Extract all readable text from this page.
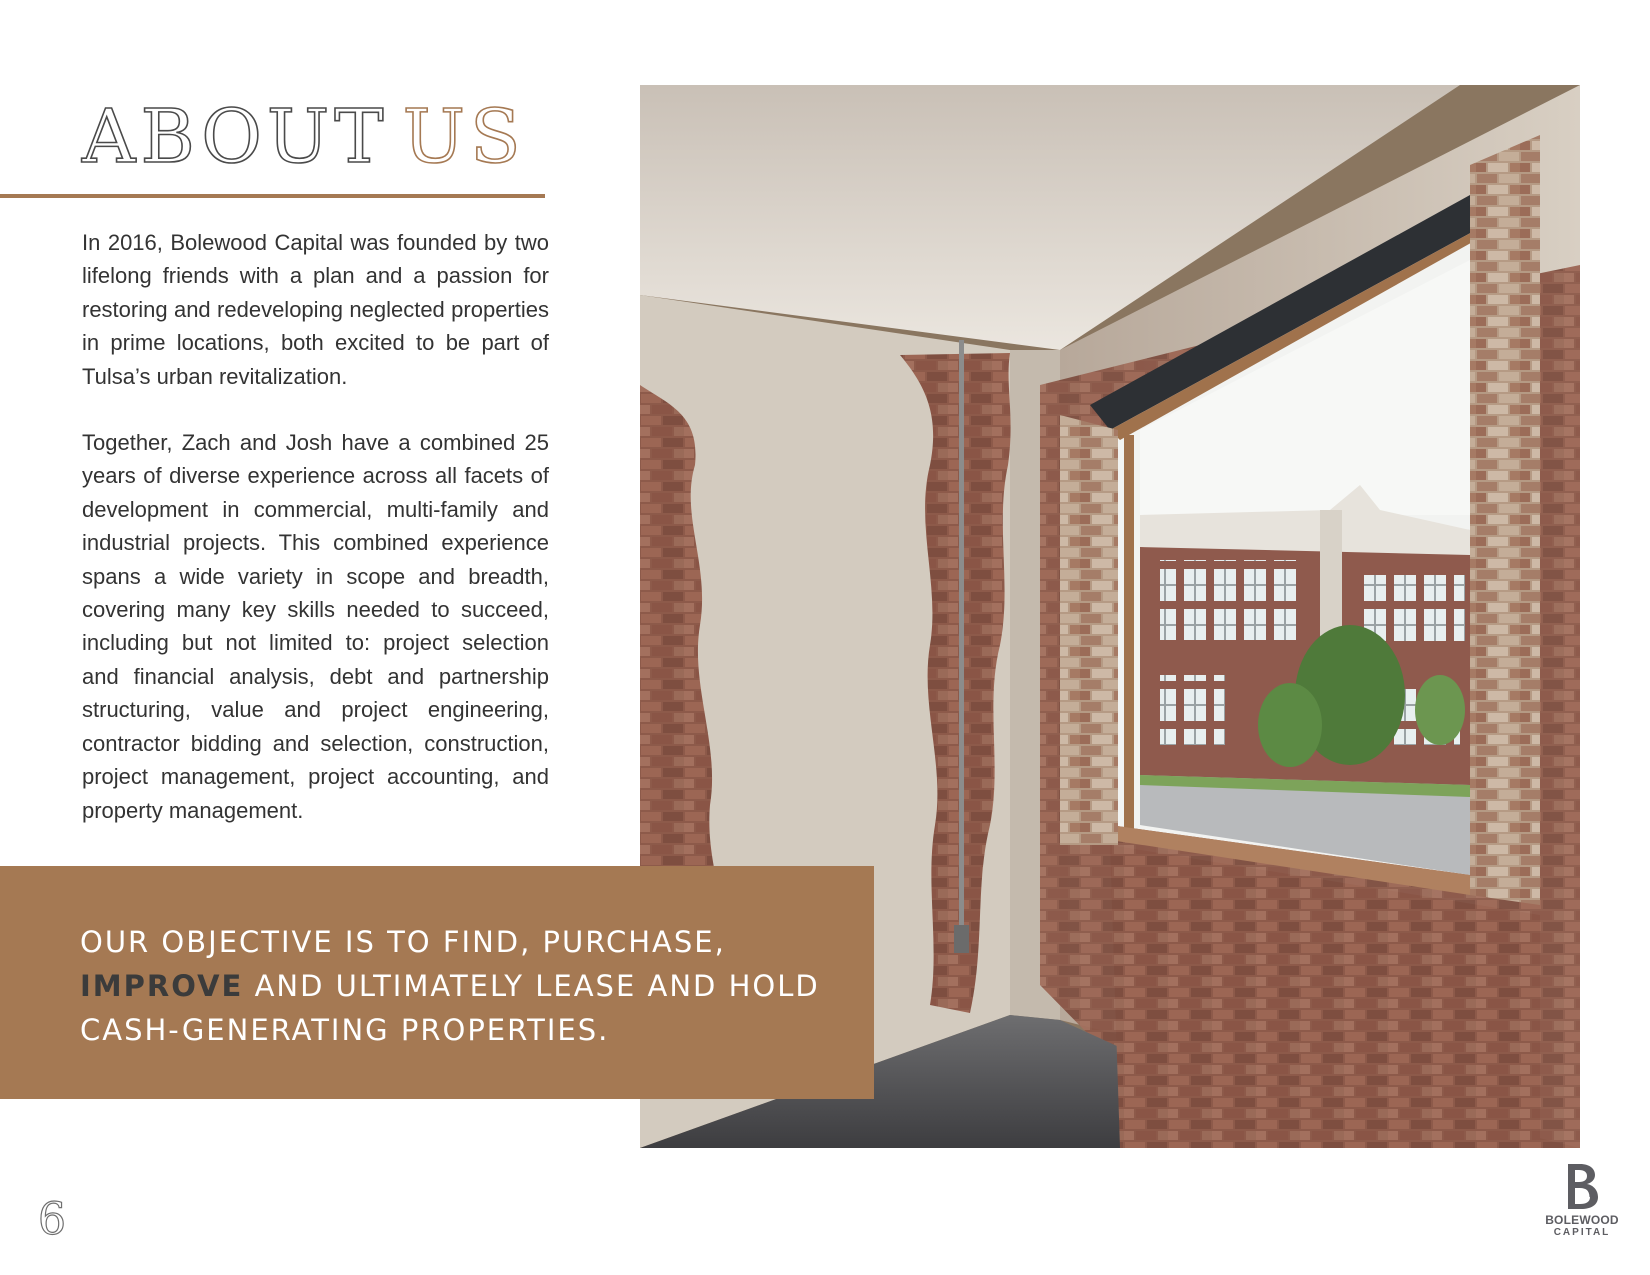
ABOUT US

In 2016, Bolewood Capital was founded by two lifelong friends with a plan and a passion for restoring and redeveloping neglected properties in prime locations, both excited to be part of Tulsa’s urban revitalization.

Together, Zach and Josh have a combined 25 years of diverse experience across all facets of development in commercial, multi-family and industrial projects. This combined experience spans a wide variety in scope and breadth, covering many key skills needed to succeed, including but not limited to: project selection and financial analysis, debt and partnership structuring, value and project engineering, contractor bidding and selection, construction, project management, project accounting, and property management.

OUR OBJECTIVE IS TO FIND, PURCHASE, IMPROVE AND ULTIMATELY LEASE AND HOLD CASH-GENERATING PROPERTIES.

6	BOLEWOOD
CAPITAL
